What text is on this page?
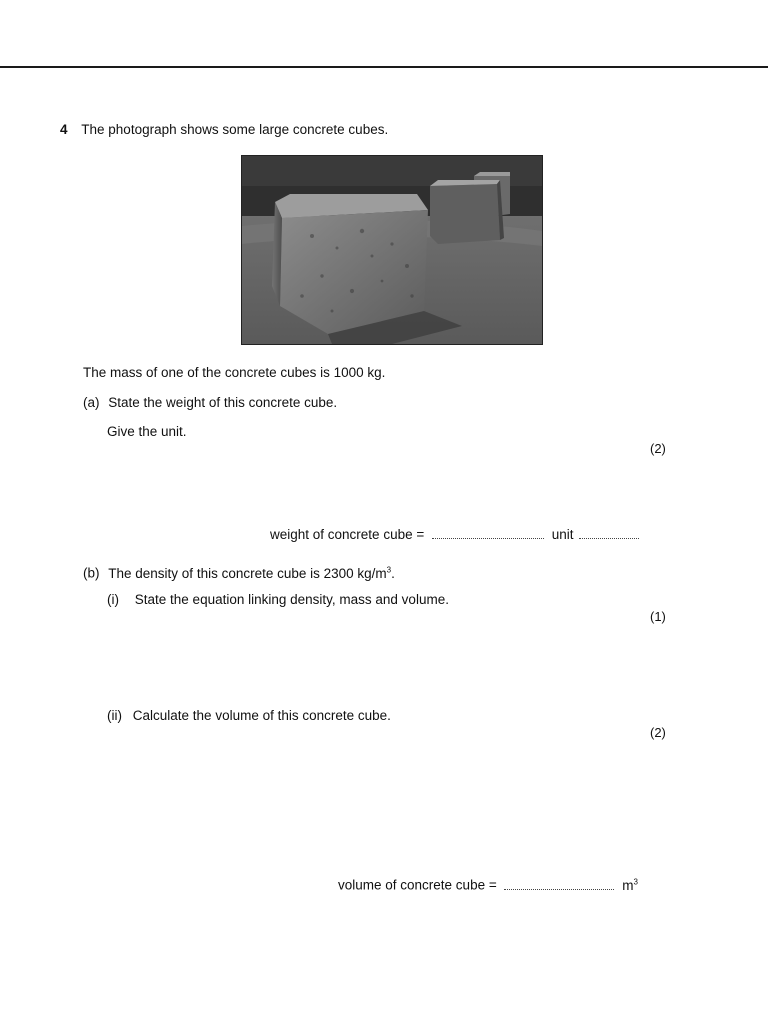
4 The photograph shows some large concrete cubes.
The mass of one of the concrete cubes is 1000 kg.
(a) State the weight of this concrete cube.
Give the unit.
(2)
weight of concrete cube =	unit
(b) The density of this concrete cube is 2300 $kg/m^3$.
(i) State the equation linking density, mass and volume.
(1)
(ii) Calculate the volume of this concrete cube.
(2)
volume of concrete cube =	$m^3$
